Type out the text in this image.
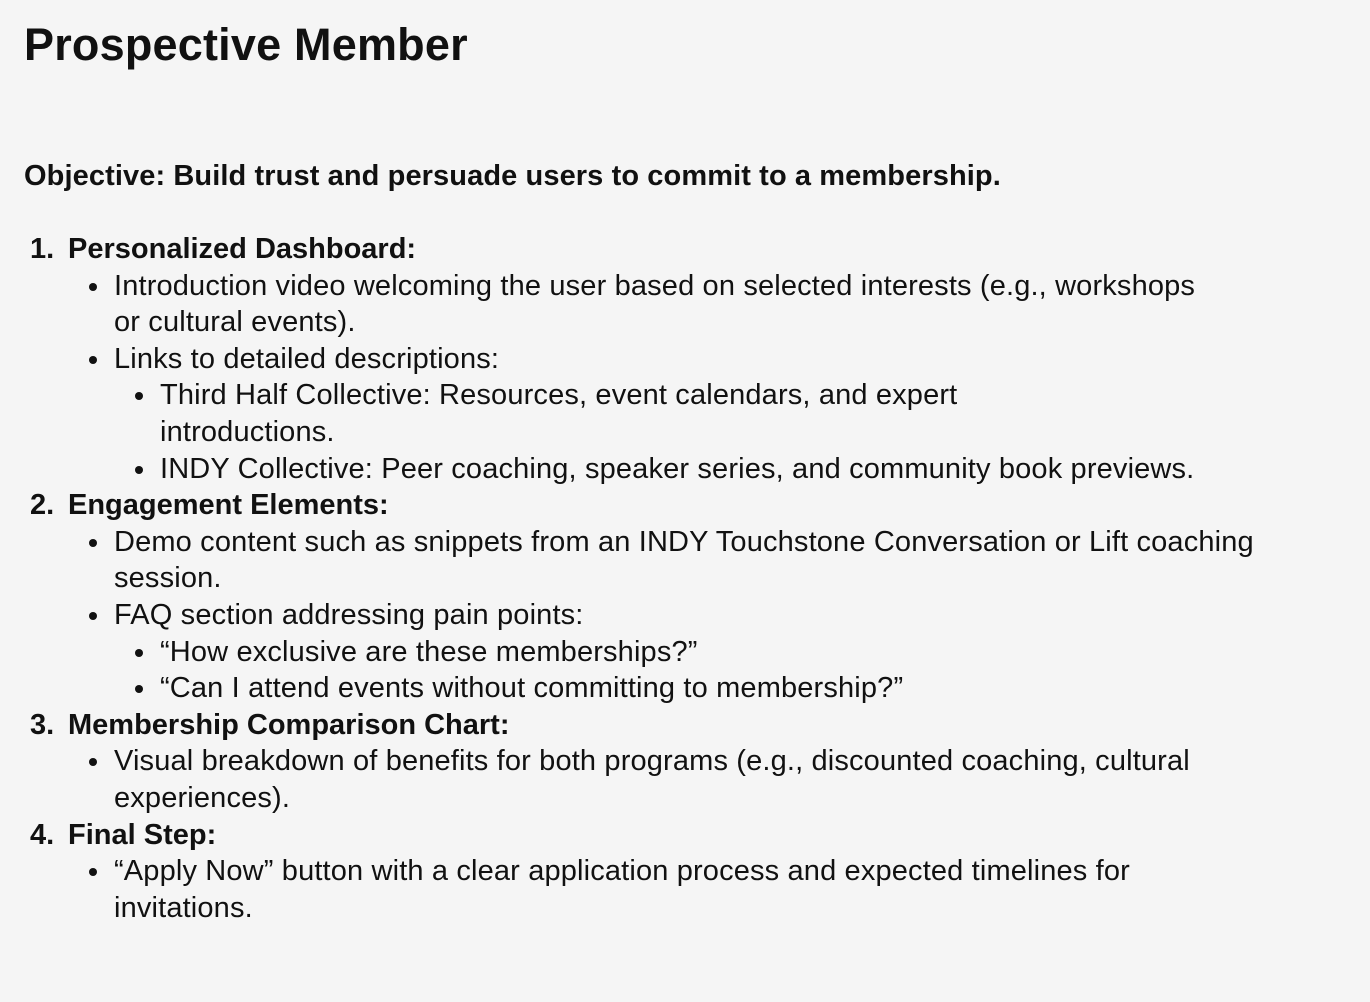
Prospective Member

Objective: Build trust and persuade users to commit to a membership.

Personalized Dashboard:
Introduction video welcoming the user based on selected interests (e.g., workshops or cultural events).
Links to detailed descriptions:
Third Half Collective: Resources, event calendars, and expert introductions.
INDY Collective: Peer coaching, speaker series, and community book previews.
Engagement Elements:
Demo content such as snippets from an INDY Touchstone Conversation or Lift coaching session.
FAQ section addressing pain points:
“How exclusive are these memberships?”
“Can I attend events without committing to membership?”
Membership Comparison Chart:
Visual breakdown of benefits for both programs (e.g., discounted coaching, cultural experiences).
Final Step:
“Apply Now” button with a clear application process and expected timelines for invitations.
